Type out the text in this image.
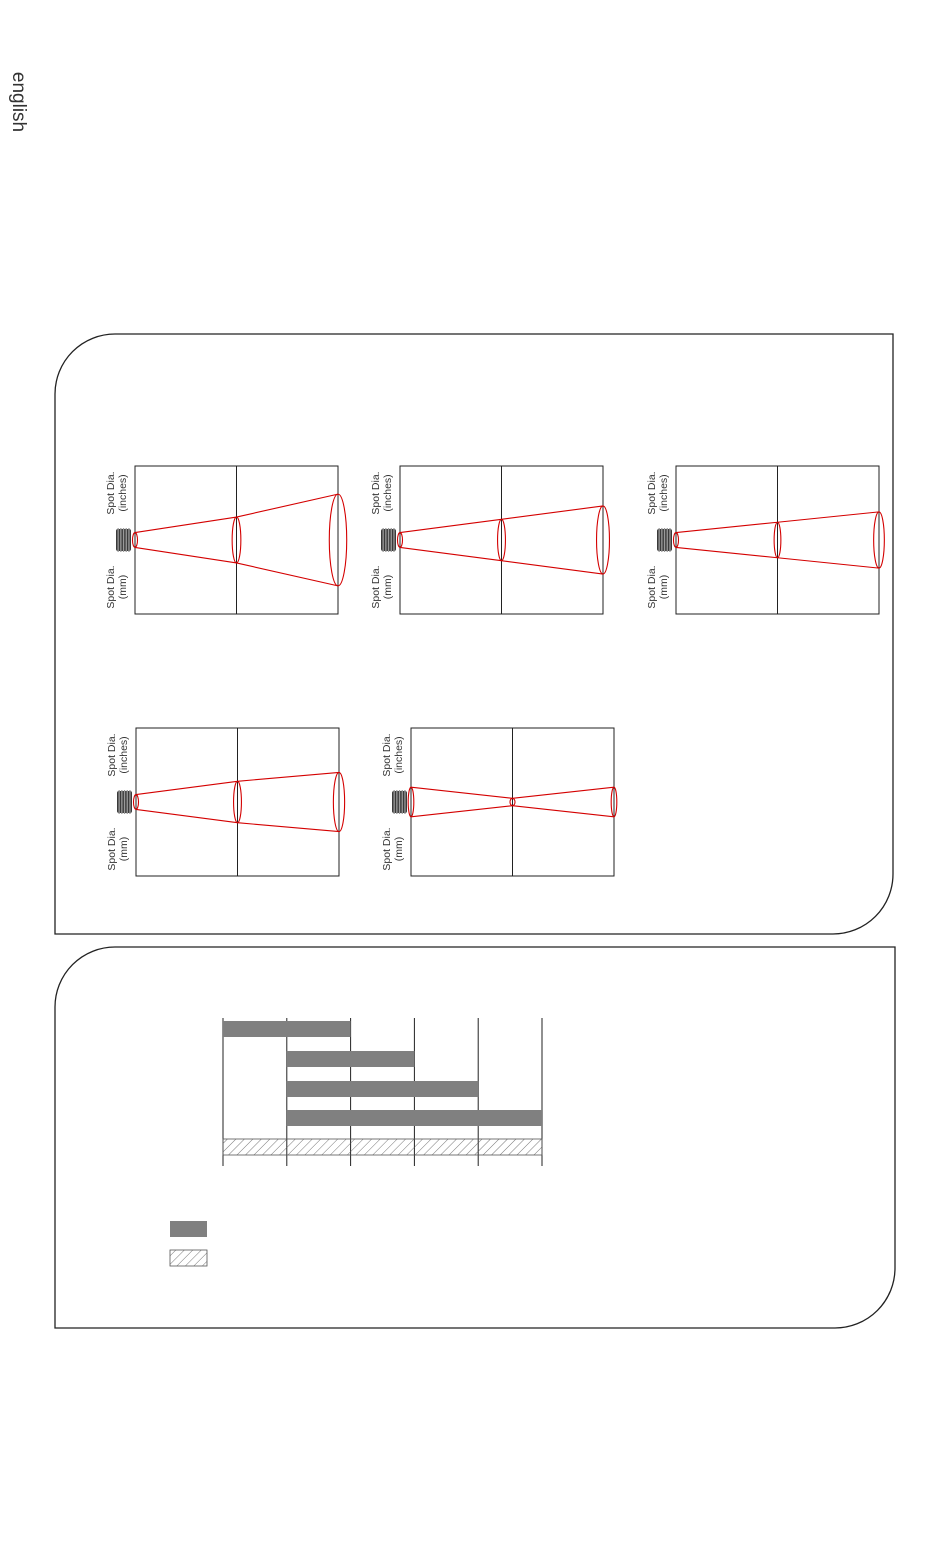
english
Spot Dia.(inches)
Spot Dia.(mm)
Spot Dia.(inches)
Spot Dia.(mm)
Spot Dia.(inches)
Spot Dia.(mm)
Spot Dia.(inches)
Spot Dia.(mm)
Spot Dia.(inches)
Spot Dia.(mm)
